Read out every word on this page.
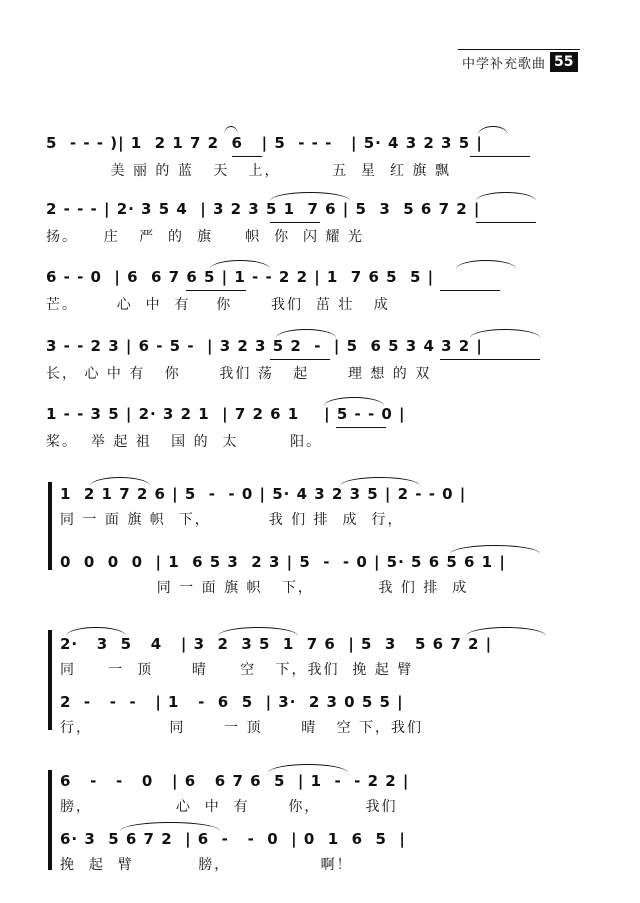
中学补充歌曲 55

5  - - - )| 1  2 1 7 2  6   | 5  - - -   | 5· 4 3 2 3 5 |

美 丽 的 蓝   天   上，        五  星  红 旗 飘

2 - - - | 2· 3 5 4  | 3 2 3 5 1  7 6 | 5  3  5 6 7 2 |

扬。    庄   严  的  旗     帜  你  闪 耀 光

6 - - 0  | 6  6 7 6 5 | 1 - - 2 2 | 1  7 6 5  5 |

芒。      心  中  有    你      我们  茁 壮   成

3 - - 2 3 | 6 - 5 -  | 3 2 3 5 2  -  | 5  6 5 3 4 3 2 |

长， 心 中 有   你      我们 荡   起      理 想 的 双

1 - - 3 5 | 2· 3 2 1  | 7 2 6 1    | 5 - - 0 |

桨。  举 起 祖   国 的  太        阳。

1  2 1 7 2 6 | 5  -  - 0 | 5· 4 3 2 3 5 | 2 - - 0 |

同 一 面 旗 帜  下，         我 们 排  成  行，

0  0  0  0  | 1  6 5 3  2 3 | 5  -  - 0 | 5· 5 6 5 6 1 |

同 一 面 旗 帜   下，          我 们 排  成

2·   3  5   4   | 3  2  3 5  1  7 6  | 5  3   5 6 7 2 |

同     一  顶      晴     空   下，我们  挽 起 臂

2  -   -  -   | 1   -  6  5  | 3·  2 3 0 5 5 |

行，            同      一 顶      晴   空 下，我们

6   -   -   0   | 6   6 7 6  5  | 1  -  - 2 2 |

膀，             心  中  有      你，       我们

6· 3  5 6 7 2  | 6  -   -  0  | 0  1  6  5  |

挽  起  臂          膀，              啊！
